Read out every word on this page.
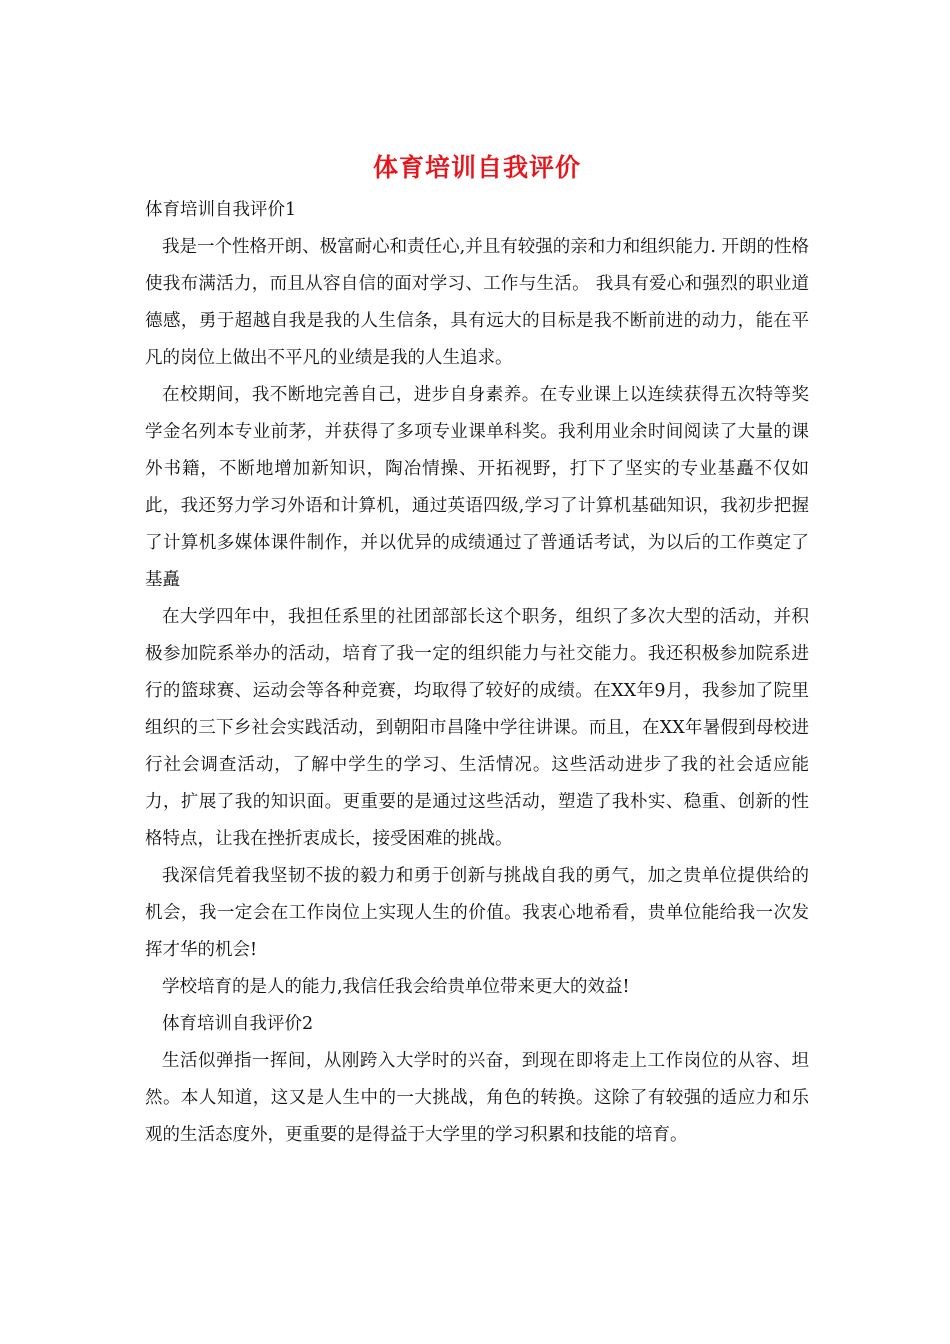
体育培训自我评价

体育培训自我评价1

我是一个性格开朗、极富耐心和责任心,并且有较强的亲和力和组织能力. 开朗的性格使我布满活力，而且从容自信的面对学习、工作与生活。 我具有爱心和强烈的职业道德感，勇于超越自我是我的人生信条，具有远大的目标是我不断前进的动力，能在平凡的岗位上做出不平凡的业绩是我的人生追求。

在校期间，我不断地完善自己，进步自身素养。在专业课上以连续获得五次特等奖学金名列本专业前茅，并获得了多项专业课单科奖。我利用业余时间阅读了大量的课外书籍，不断地增加新知识，陶冶情操、开拓视野，打下了坚实的专业基矗不仅如此，我还努力学习外语和计算机，通过英语四级,学习了计算机基础知识，我初步把握了计算机多媒体课件制作，并以优异的成绩通过了普通话考试，为以后的工作奠定了基矗

在大学四年中，我担任系里的社团部部长这个职务，组织了多次大型的活动，并积极参加院系举办的活动，培育了我一定的组织能力与社交能力。我还积极参加院系进行的篮球赛、运动会等各种竞赛，均取得了较好的成绩。在XX年9月，我参加了院里组织的三下乡社会实践活动，到朝阳市昌隆中学往讲课。而且，在XX年暑假到母校进行社会调查活动，了解中学生的学习、生活情况。这些活动进步了我的社会适应能力，扩展了我的知识面。更重要的是通过这些活动，塑造了我朴实、稳重、创新的性格特点，让我在挫折衷成长，接受困难的挑战。

我深信凭着我坚韧不拔的毅力和勇于创新与挑战自我的勇气，加之贵单位提供给的机会，我一定会在工作岗位上实现人生的价值。我衷心地希看，贵单位能给我一次发挥才华的机会!

学校培育的是人的能力,我信任我会给贵单位带来更大的效益!

体育培训自我评价2

生活似弹指一挥间，从刚跨入大学时的兴奋，到现在即将走上工作岗位的从容、坦然。本人知道，这又是人生中的一大挑战，角色的转换。这除了有较强的适应力和乐观的生活态度外，更重要的是得益于大学里的学习积累和技能的培育。
